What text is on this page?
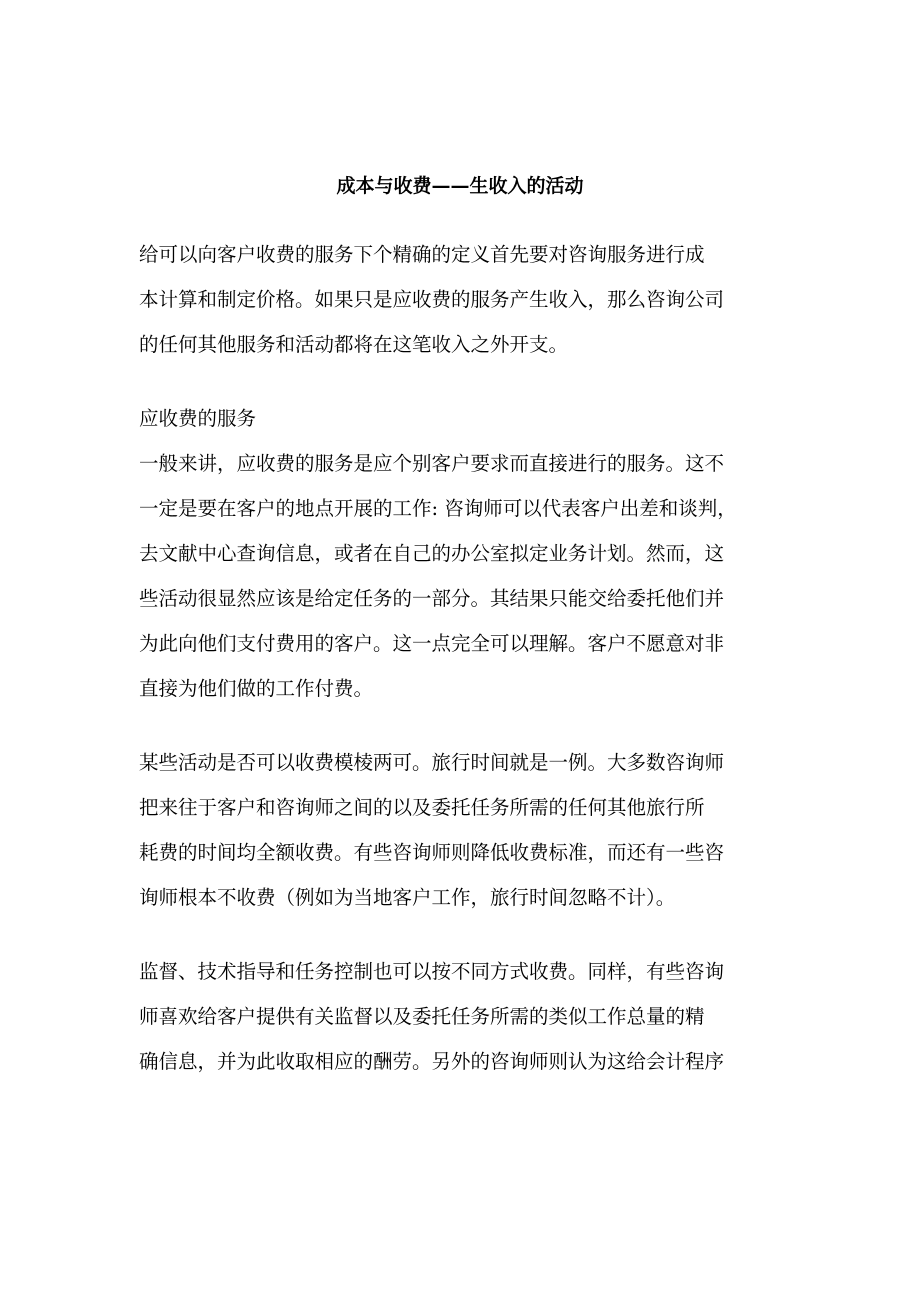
成本与收费——生收入的活动

给可以向客户收费的服务下个精确的定义首先要对咨询服务进行成

本计算和制定价格。如果只是应收费的服务产生收入，那么咨询公司

的任何其他服务和活动都将在这笔收入之外开支。

应收费的服务

一般来讲，应收费的服务是应个别客户要求而直接进行的服务。这不

一定是要在客户的地点开展的工作: 咨询师可以代表客户出差和谈判，

去文献中心查询信息，或者在自己的办公室拟定业务计划。然而，这

些活动很显然应该是给定任务的一部分。其结果只能交给委托他们并

为此向他们支付费用的客户。这一点完全可以理解。客户不愿意对非

直接为他们做的工作付费。

某些活动是否可以收费模棱两可。旅行时间就是一例。大多数咨询师

把来往于客户和咨询师之间的以及委托任务所需的任何其他旅行所

耗费的时间均全额收费。有些咨询师则降低收费标准，而还有一些咨

询师根本不收费（例如为当地客户工作，旅行时间忽略不计）。

监督、技术指导和任务控制也可以按不同方式收费。同样，有些咨询

师喜欢给客户提供有关监督以及委托任务所需的类似工作总量的精

确信息，并为此收取相应的酬劳。另外的咨询师则认为这给会计程序
